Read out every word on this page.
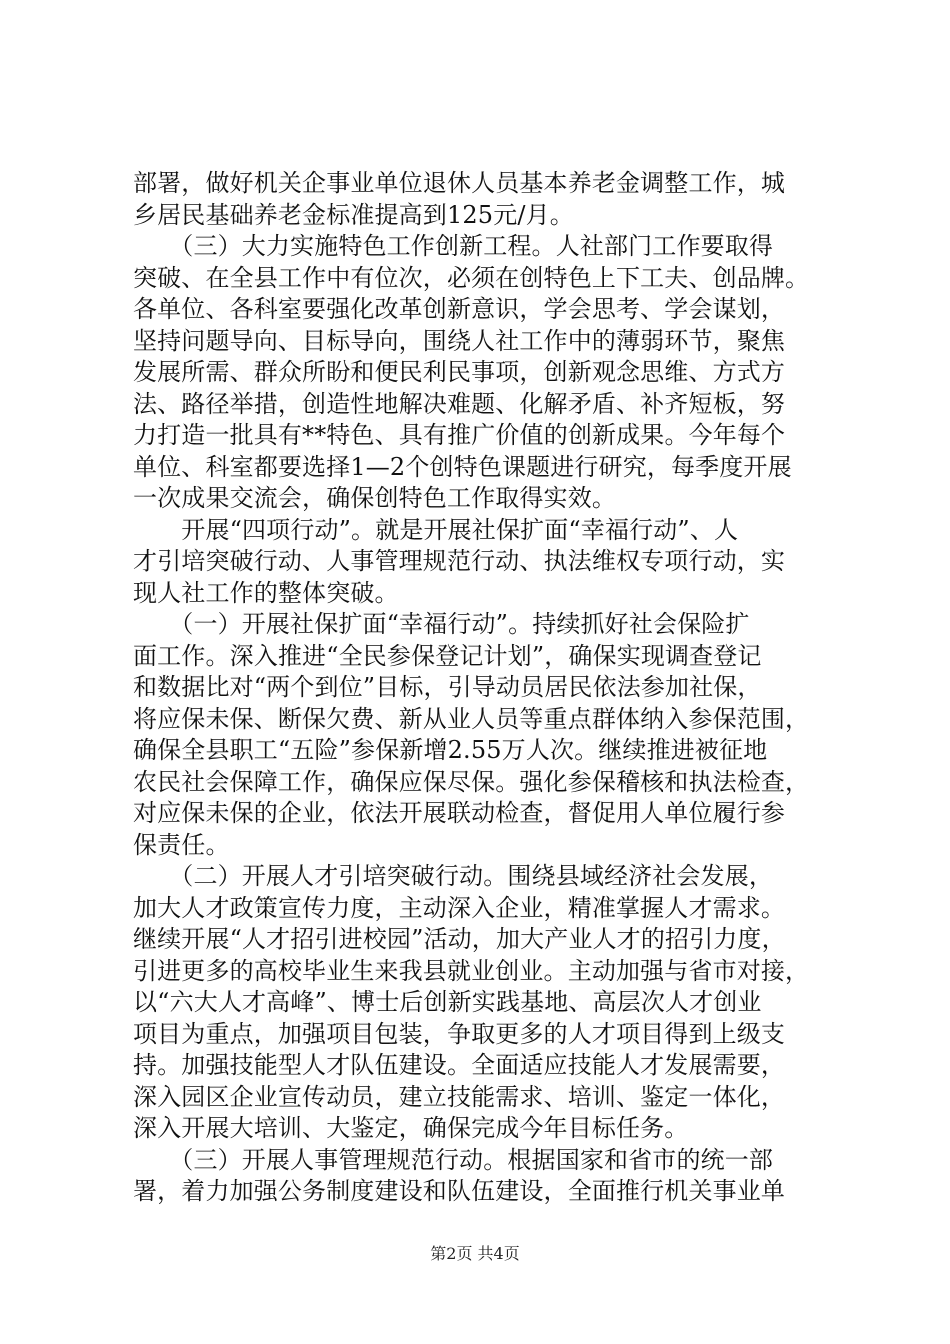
部署，做好机关企事业单位退休人员基本养老金调整工作，城
乡居民基础养老金标准提高到125元/月。
　　（三）大力实施特色工作创新工程。人社部门工作要取得
突破、在全县工作中有位次，必须在创特色上下工夫、创品牌。
各单位、各科室要强化改革创新意识，学会思考、学会谋划，
坚持问题导向、目标导向，围绕人社工作中的薄弱环节，聚焦
发展所需、群众所盼和便民利民事项，创新观念思维、方式方
法、路径举措，创造性地解决难题、化解矛盾、补齐短板，努
力打造一批具有**特色、具有推广价值的创新成果。今年每个
单位、科室都要选择1—2个创特色课题进行研究，每季度开展
一次成果交流会，确保创特色工作取得实效。
　　开展“四项行动”。就是开展社保扩面“幸福行动”、人
才引培突破行动、人事管理规范行动、执法维权专项行动，实
现人社工作的整体突破。
　　（一）开展社保扩面“幸福行动”。持续抓好社会保险扩
面工作。深入推进“全民参保登记计划”，确保实现调查登记
和数据比对“两个到位”目标，引导动员居民依法参加社保，
将应保未保、断保欠费、新从业人员等重点群体纳入参保范围，
确保全县职工“五险”参保新增2.55万人次。继续推进被征地
农民社会保障工作，确保应保尽保。强化参保稽核和执法检查，
对应保未保的企业，依法开展联动检查，督促用人单位履行参
保责任。
　　（二）开展人才引培突破行动。围绕县域经济社会发展，
加大人才政策宣传力度，主动深入企业，精准掌握人才需求。
继续开展“人才招引进校园”活动，加大产业人才的招引力度，
引进更多的高校毕业生来我县就业创业。主动加强与省市对接，
以“六大人才高峰”、博士后创新实践基地、高层次人才创业
项目为重点，加强项目包装，争取更多的人才项目得到上级支
持。加强技能型人才队伍建设。全面适应技能人才发展需要，
深入园区企业宣传动员，建立技能需求、培训、鉴定一体化，
深入开展大培训、大鉴定，确保完成今年目标任务。
　　（三）开展人事管理规范行动。根据国家和省市的统一部
署，着力加强公务制度建设和队伍建设，全面推行机关事业单
第2页 共4页
